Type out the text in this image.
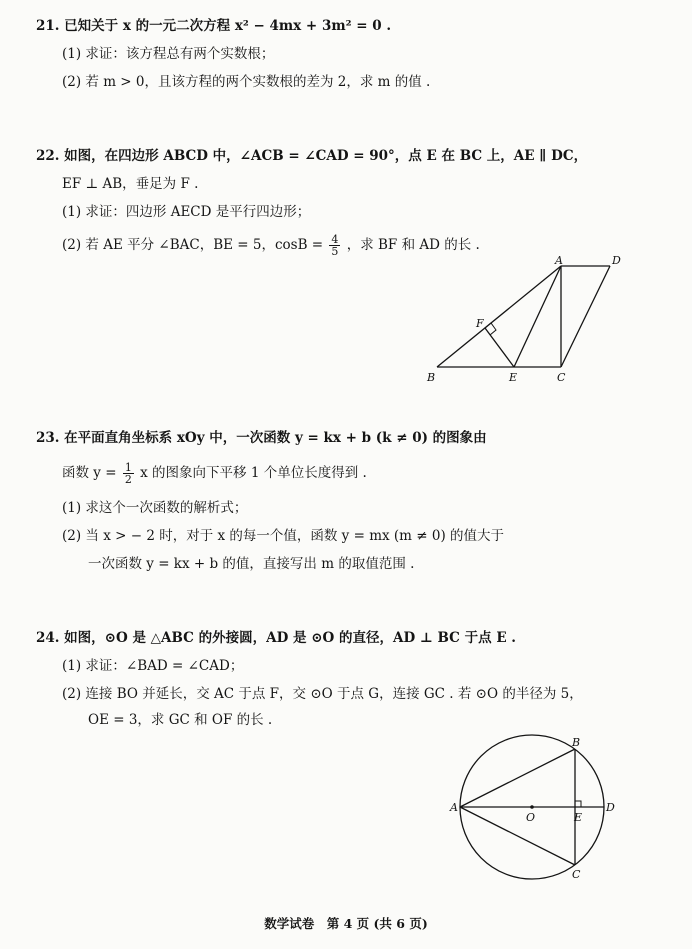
21. 已知关于 x 的一元二次方程 x² − 4mx + 3m² = 0 .
(1) 求证：该方程总有两个实数根；
(2) 若 m > 0，且该方程的两个实数根的差为 2，求 m 的值 .
22. 如图，在四边形 ABCD 中，∠ACB = ∠CAD = 90°，点 E 在 BC 上，AE ∥ DC，
EF ⊥ AB，垂足为 F .
(1) 求证：四边形 AECD 是平行四边形；
(2) 若 AE 平分 ∠BAC，BE = 5，$\cos B = \frac{4}{5}$ ，求 BF 和 AD 的长 .
A	D
F
B	E	C
23. 在平面直角坐标系 xOy 中，一次函数 y = kx + b (k ≠ 0) 的图象由
函数 $y = \frac{1}{2}$ x 的图象向下平移 1 个单位长度得到 .
(1) 求这个一次函数的解析式；
(2) 当 x > − 2 时，对于 x 的每一个值，函数 y = mx (m ≠ 0) 的值大于
一次函数 y = kx + b 的值，直接写出 m 的取值范围 .
24. 如图，⊙O 是 △ABC 的外接圆，AD 是 ⊙O 的直径，AD ⊥ BC 于点 E .
(1) 求证：∠BAD = ∠CAD；
(2) 连接 BO 并延长，交 AC 于点 F，交 ⊙O 于点 G，连接 GC . 若 ⊙O 的半径为 5，
OE = 3，求 GC 和 OF 的长 .
A
B
D
O	E
C
数学试卷　第 4 页 (共 6 页)
